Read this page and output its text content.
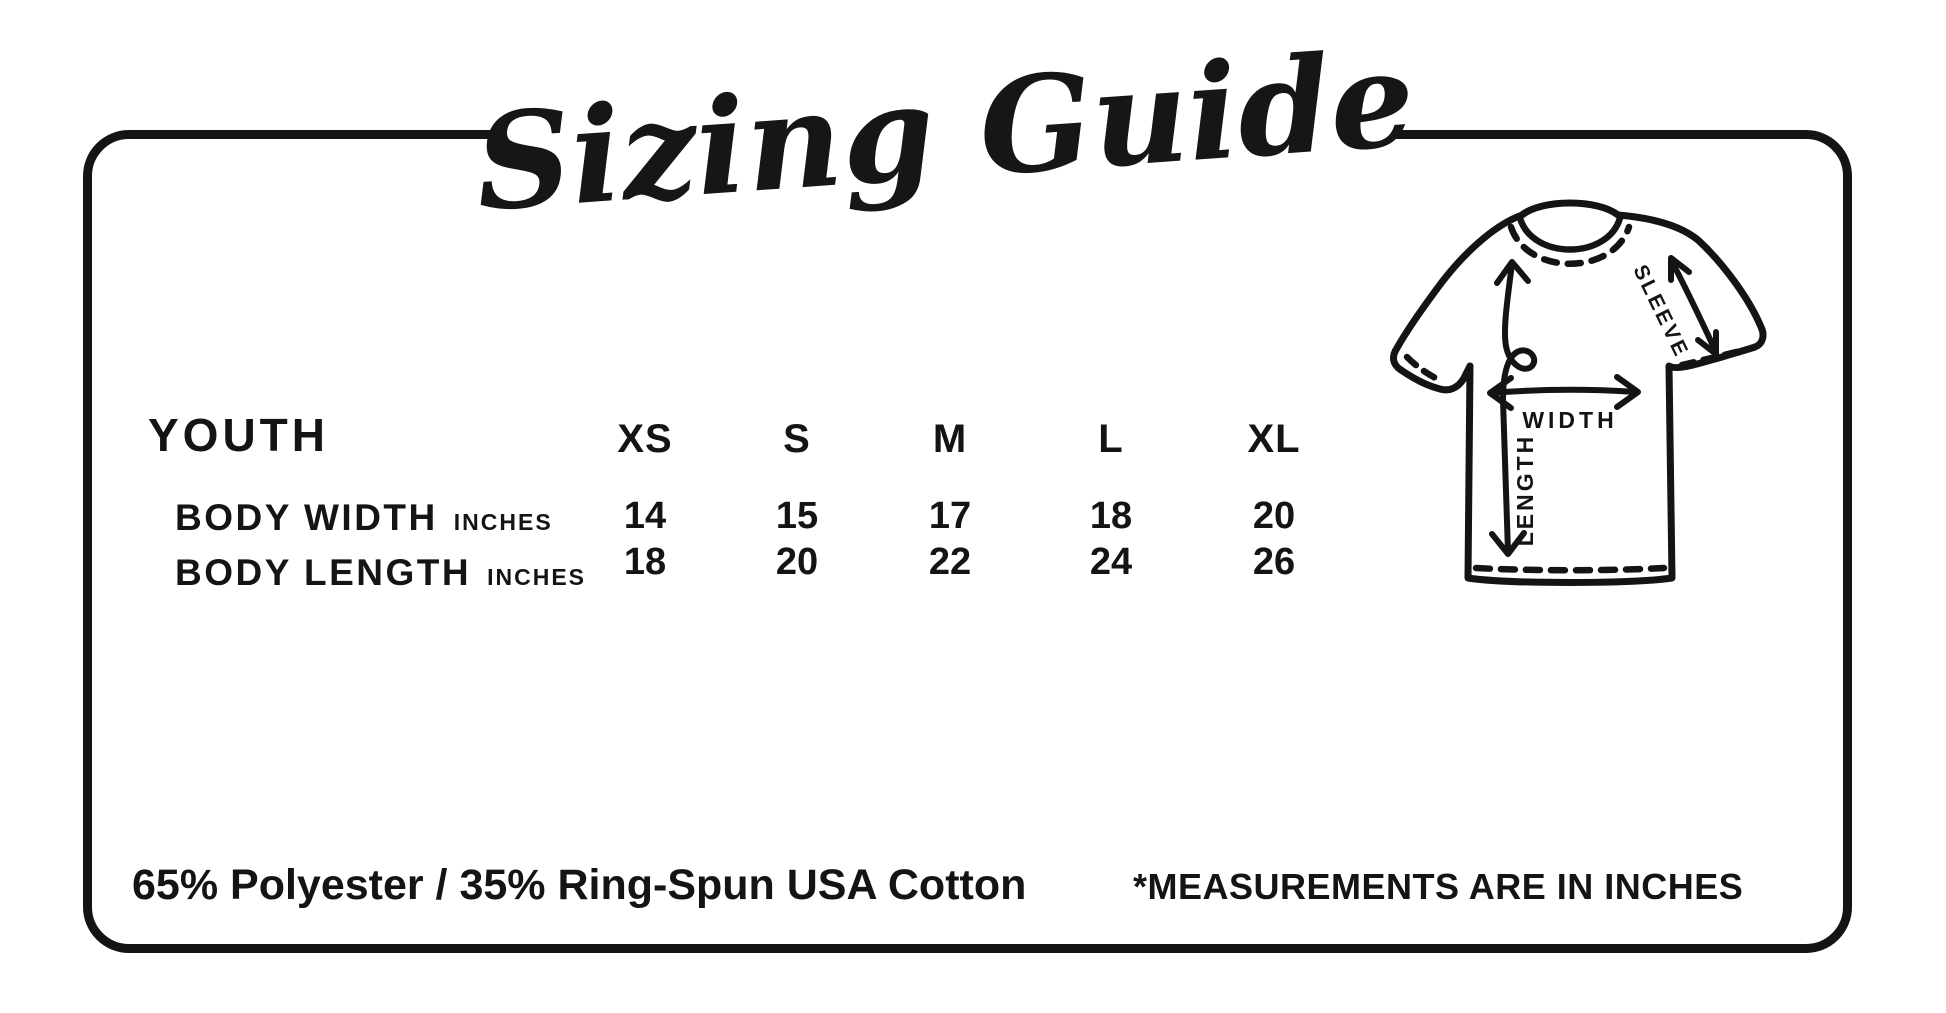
Sizing Guide
YOUTH	XS	S	M	L	XL
BODY WIDTH INCHES 14	15	17	18	20
BODY LENGTH INCHES 18	20	22	24	26
LENGTH
WIDTH
SLEEVE
65% Polyester / 35% Ring-Spun USA Cotton	*MEASUREMENTS ARE IN INCHES
